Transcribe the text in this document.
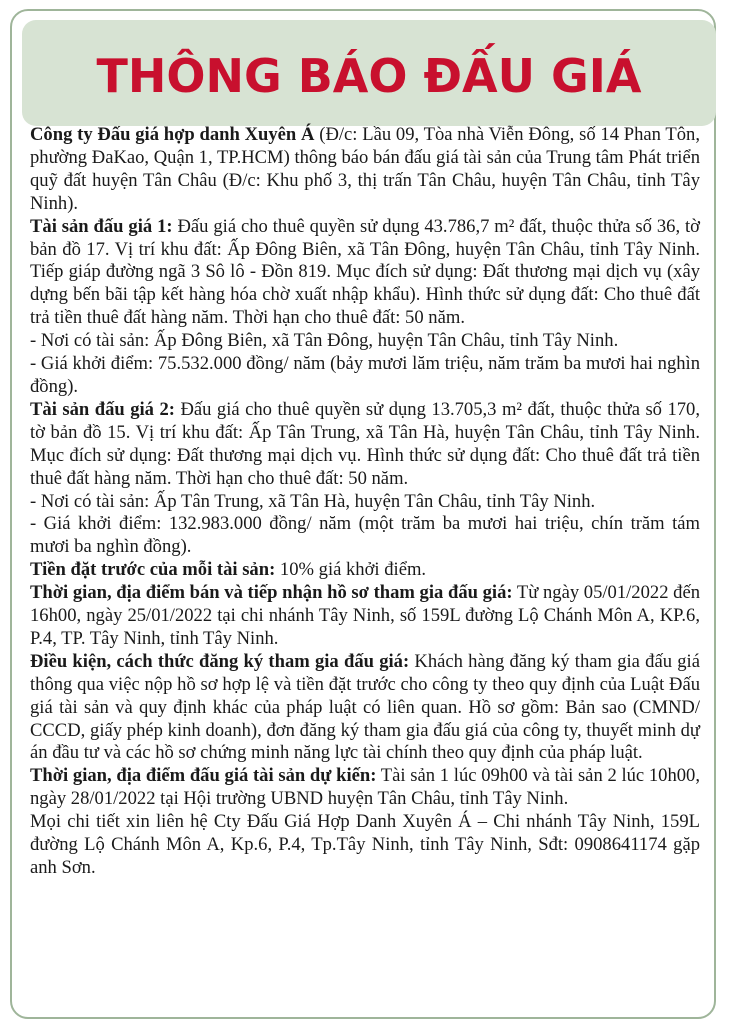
THÔNG BÁO ĐẤU GIÁ

Công ty Đấu giá hợp danh Xuyên Á (Đ/c: Lầu 09, Tòa nhà Viễn Đông, số 14 Phan Tôn, phường ĐaKao, Quận 1, TP.HCM) thông báo bán đấu giá tài sản của Trung tâm Phát triển quỹ đất huyện Tân Châu (Đ/c: Khu phố 3, thị trấn Tân Châu, huyện Tân Châu, tỉnh Tây Ninh).

Tài sản đấu giá 1: Đấu giá cho thuê quyền sử dụng 43.786,7 m² đất, thuộc thửa số 36, tờ bản đồ 17. Vị trí khu đất: Ấp Đông Biên, xã Tân Đông, huyện Tân Châu, tỉnh Tây Ninh. Tiếp giáp đường ngã 3 Sô lô - Đồn 819. Mục đích sử dụng: Đất thương mại dịch vụ (xây dựng bến bãi tập kết hàng hóa chờ xuất nhập khẩu). Hình thức sử dụng đất: Cho thuê đất trả tiền thuê đất hàng năm. Thời hạn cho thuê đất: 50 năm.

- Nơi có tài sản: Ấp Đông Biên, xã Tân Đông, huyện Tân Châu, tỉnh Tây Ninh.

- Giá khởi điểm: 75.532.000 đồng/ năm (bảy mươi lăm triệu, năm trăm ba mươi hai nghìn đồng).

Tài sản đấu giá 2: Đấu giá cho thuê quyền sử dụng 13.705,3 m² đất, thuộc thửa số 170, tờ bản đồ 15. Vị trí khu đất: Ấp Tân Trung, xã Tân Hà, huyện Tân Châu, tỉnh Tây Ninh. Mục đích sử dụng: Đất thương mại dịch vụ. Hình thức sử dụng đất: Cho thuê đất trả tiền thuê đất hàng năm. Thời hạn cho thuê đất: 50 năm.

- Nơi có tài sản: Ấp Tân Trung, xã Tân Hà, huyện Tân Châu, tỉnh Tây Ninh.

- Giá khởi điểm: 132.983.000 đồng/ năm (một trăm ba mươi hai triệu, chín trăm tám mươi ba nghìn đồng).

Tiền đặt trước của mỗi tài sản: 10% giá khởi điểm.

Thời gian, địa điểm bán và tiếp nhận hồ sơ tham gia đấu giá: Từ ngày 05/01/2022 đến 16h00, ngày 25/01/2022 tại chi nhánh Tây Ninh, số 159L đường Lộ Chánh Môn A, KP.6, P.4, TP. Tây Ninh, tỉnh Tây Ninh.

Điều kiện, cách thức đăng ký tham gia đấu giá: Khách hàng đăng ký tham gia đấu giá thông qua việc nộp hồ sơ hợp lệ và tiền đặt trước cho công ty theo quy định của Luật Đấu giá tài sản và quy định khác của pháp luật có liên quan. Hồ sơ gồm: Bản sao (CMND/ CCCD, giấy phép kinh doanh), đơn đăng ký tham gia đấu giá của công ty, thuyết minh dự án đầu tư và các hồ sơ chứng minh năng lực tài chính theo quy định của pháp luật.

Thời gian, địa điểm đấu giá tài sản dự kiến: Tài sản 1 lúc 09h00 và tài sản 2 lúc 10h00, ngày 28/01/2022 tại Hội trường UBND huyện Tân Châu, tỉnh Tây Ninh.

Mọi chi tiết xin liên hệ Cty Đấu Giá Hợp Danh Xuyên Á – Chi nhánh Tây Ninh, 159L đường Lộ Chánh Môn A, Kp.6, P.4, Tp.Tây Ninh, tỉnh Tây Ninh, Sđt: 0908641174 gặp anh Sơn.
